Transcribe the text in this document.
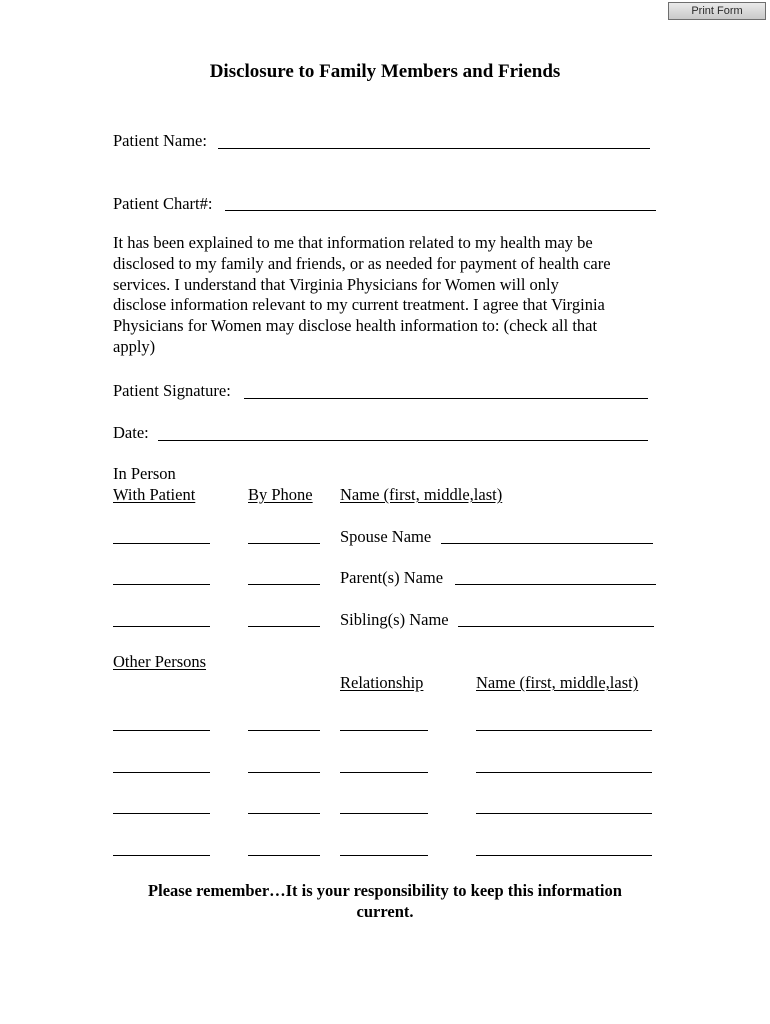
Print Form
Disclosure to Family Members and Friends
Patient Name:
Patient Chart#:
It has been explained to me that information related to my health may be
disclosed to my family and friends, or as needed for payment of health care
services. I understand that Virginia Physicians for Women will only
disclose information relevant to my current treatment. I agree that Virginia
Physicians for Women may disclose health information to: (check all that
apply)
Patient Signature:
Date:
In Person
With Patient	By Phone Name (first, middle,last)
Spouse Name
Parent(s) Name
Sibling(s) Name
Other Persons
Relationship	Name (first, middle,last)
Please remember…It is your responsibility to keep this information
current.
